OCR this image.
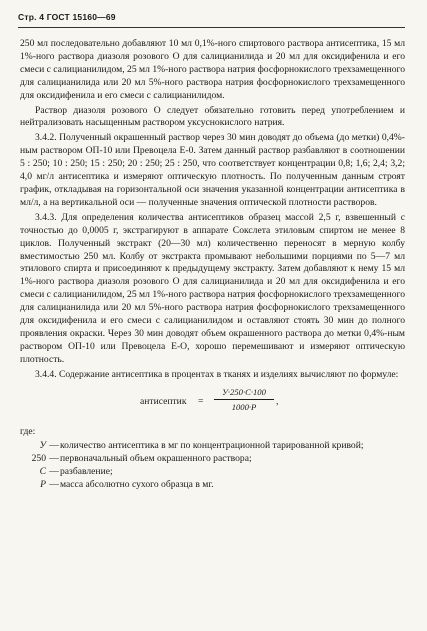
Стр. 4 ГОСТ 15160—69

250 мл последовательно добавляют 10 мл 0,1%-ного спиртового раствора антисептика, 15 мл 1%-ного раствора диазоля розового О для салицианилида и 20 мл для оксидифенила и его смеси с салицианилидом, 25 мл 1%-ного раствора натрия фосфорнокислого трехзамещенного для салицианилида или 20 мл 5%-ного раствора натрия фосфорнокислого трехзамещенного для оксидифенила и его смеси с салицианилидом.

Раствор диазоля розового О следует обязательно готовить перед употреблением и нейтрализовать насыщенным раствором уксуснокислого натрия.

3.4.2. Полученный окрашенный раствор через 30 мин доводят до объема (до метки) 0,4%-ным раствором ОП-10 или Превоцела Е-0. Затем данный раствор разбавляют в соотношении 5 : 250; 10 : 250; 15 : 250; 20 : 250; 25 : 250, что соответствует концентрации 0,8; 1,6; 2,4; 3,2; 4,0 мг/л антисептика и измеряют оптическую плотность. По полученным данным строят график, откладывая на горизонтальной оси значения указанной концентрации антисептика в мл/л, а на вертикальной оси — полученные значения оптической плотности растворов.

3.4.3. Для определения количества антисептиков образец массой 2,5 г, взвешенный с точностью до 0,0005 г, экстрагируют в аппарате Сокслета этиловым спиртом не менее 8 циклов. Полученный экстракт (20—30 мл) количественно переносят в мерную колбу вместимостью 250 мл. Колбу от экстракта промывают небольшими порциями по 5—7 мл этилового спирта и присоединяют к предыдущему экстракту. Затем добавляют к нему 15 мл 1%-ного раствора диазоля розового О для салицианилида и 20 мл для оксидифенила и его смеси с салицианилидом, 25 мл 1%-ного раствора натрия фосфорнокислого трехзамещенного для салицианилида или 20 мл 5%-ного раствора натрия фосфорнокислого трехзамещенного для оксидифенила и его смеси с салицианилидом и оставляют стоять 30 мин до полного проявления окраски. Через 30 мин доводят объем окрашенного раствора до метки 0,4%-ным раствором ОП-10 или Превоцела Е-О, хорошо перемешивают и измеряют оптическую плотность.

3.4.4. Содержание антисептика в процентах в тканях и изделиях вычисляют по формуле:

антисептик =
У·250·С·100
1000·Р
,

где:

У — количество антисептика в мг по концентрационной тарированной кривой;
250 — первоначальный объем окрашенного раствора;
С — разбавление;
Р — масса абсолютно сухого образца в мг.
